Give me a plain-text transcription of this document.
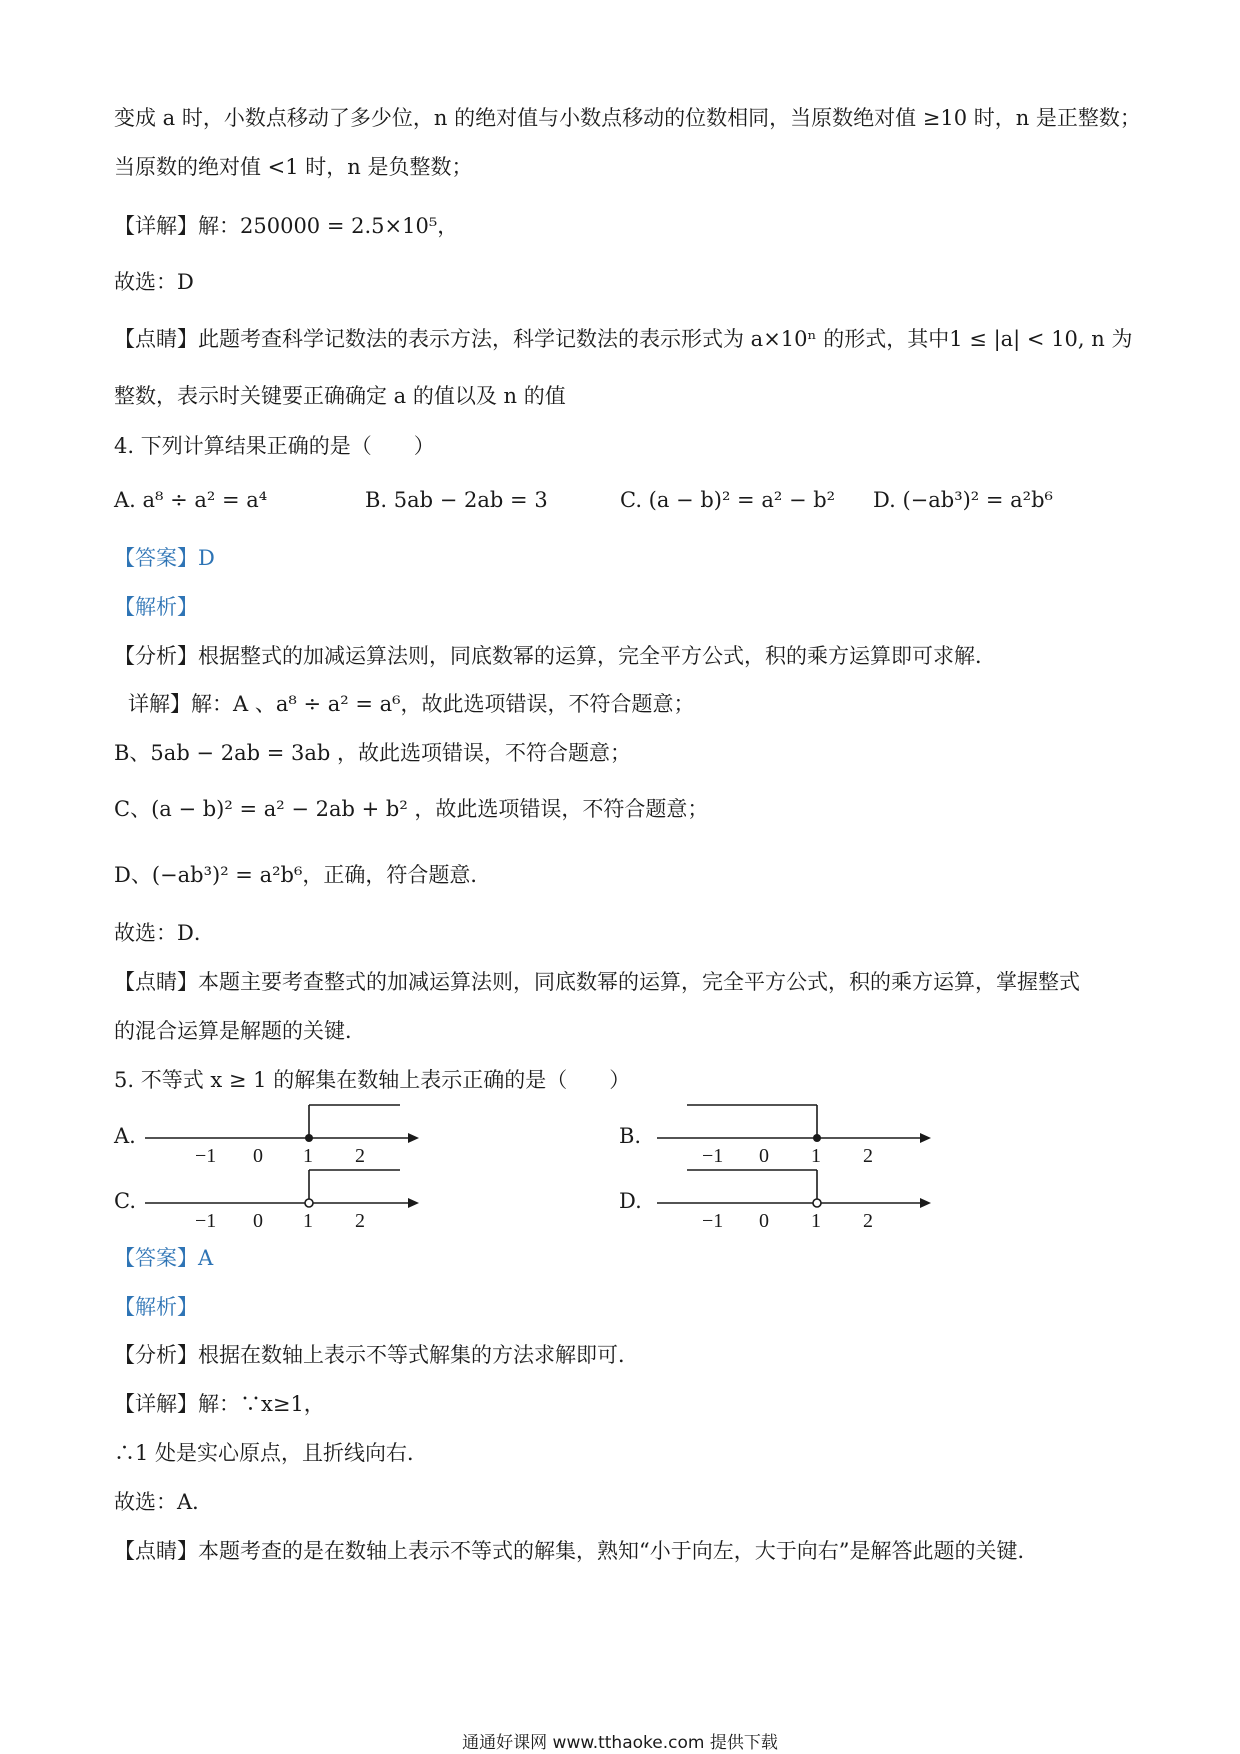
变成 a 时，小数点移动了多少位，n 的绝对值与小数点移动的位数相同，当原数绝对值 ≥10 时，n 是正整数；
当原数的绝对值 <1 时，n 是负整数；
【详解】解：250000 = 2.5×10⁵，
故选：D
【点睛】此题考查科学记数法的表示方法，科学记数法的表示形式为 a×10ⁿ 的形式，其中1 ≤ |a| < 10, n 为
整数，表示时关键要正确确定 a 的值以及 n 的值
4. 下列计算结果正确的是（　　）
A. a⁸ ÷ a² = a⁴	B. 5ab − 2ab = 3	C. (a − b)² = a² − b² D. (−ab³)² = a²b⁶
【答案】D
【解析】
【分析】根据整式的加减运算法则，同底数幂的运算，完全平方公式，积的乘方运算即可求解．
详解】解：A 、a⁸ ÷ a² = a⁶，故此选项错误，不符合题意；
B、5ab − 2ab = 3ab ，故此选项错误，不符合题意；
C、(a − b)² = a² − 2ab + b² ，故此选项错误，不符合题意；
D、(−ab³)² = a²b⁶，正确，符合题意．
故选：D．
【点睛】本题主要考查整式的加减运算法则，同底数幂的运算，完全平方公式，积的乘方运算，掌握整式
的混合运算是解题的关键．
5. 不等式 x ≥ 1 的解集在数轴上表示正确的是（　　）
A.
−1 0 1 2
B.
−1 0 1 2
C.
−1 0 1 2
D.
−1 0 1 2
【答案】A
【解析】
【分析】根据在数轴上表示不等式解集的方法求解即可．
【详解】解：∵x≥1，
∴1 处是实心原点，且折线向右．
故选：A．
【点睛】本题考查的是在数轴上表示不等式的解集，熟知“小于向左，大于向右”是解答此题的关键．
通通好课网 www.tthaoke.com 提供下载
